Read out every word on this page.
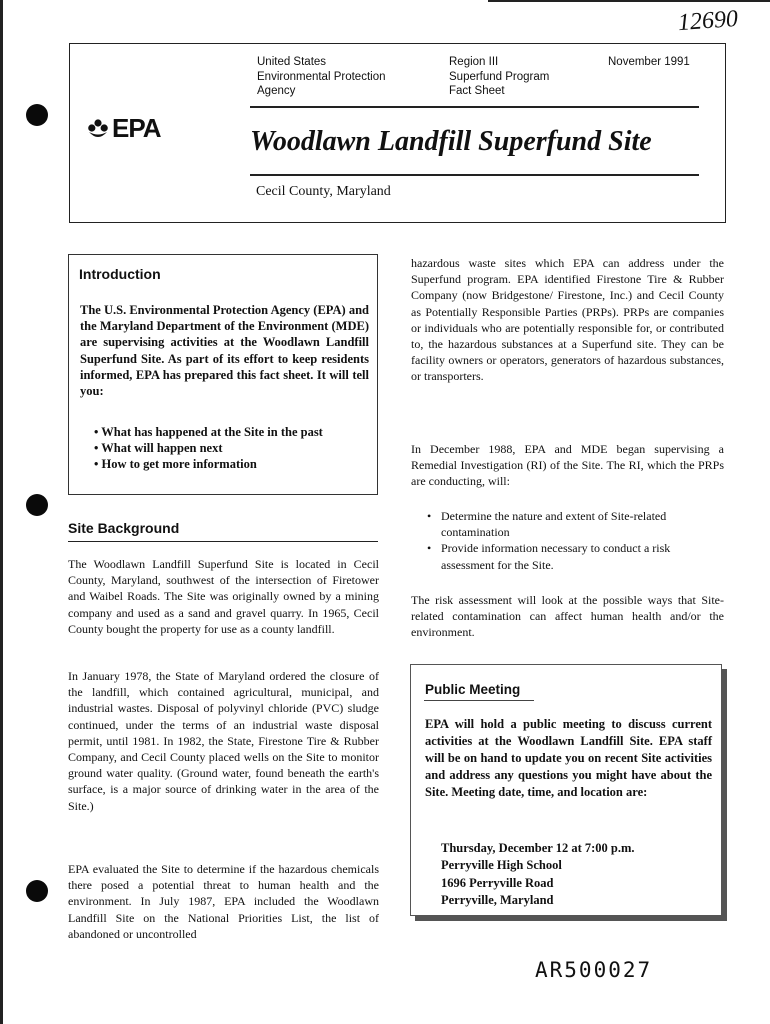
12690
United States
Environmental Protection
Agency
Region III
Superfund Program
Fact Sheet
November 1991
EPA	Woodlawn Landfill Superfund Site
Cecil County, Maryland
Introduction
The U.S. Environmental Protection Agency (EPA) and the Maryland Department of the Environment (MDE) are supervising activities at the Woodlawn Landfill Superfund Site. As part of its effort to keep residents informed, EPA has prepared this fact sheet. It will tell you:
• What has happened at the Site in the past
• What will happen next
• How to get more information
Site Background
The Woodlawn Landfill Superfund Site is located in Cecil County, Maryland, southwest of the intersection of Firetower and Waibel Roads. The Site was originally owned by a mining company and used as a sand and gravel quarry. In 1965, Cecil County bought the property for use as a county landfill.
In January 1978, the State of Maryland ordered the closure of the landfill, which contained agricultural, municipal, and industrial wastes. Disposal of polyvinyl chloride (PVC) sludge continued, under the terms of an industrial waste disposal permit, until 1981. In 1982, the State, Firestone Tire & Rubber Company, and Cecil County placed wells on the Site to monitor ground water quality. (Ground water, found beneath the earth's surface, is a major source of drinking water in the area of the Site.)
EPA evaluated the Site to determine if the hazardous chemicals there posed a potential threat to human health and the environment. In July 1987, EPA included the Woodlawn Landfill Site on the National Priorities List, the list of abandoned or uncontrolled
hazardous waste sites which EPA can address under the Superfund program. EPA identified Firestone Tire & Rubber Company (now Bridgestone/ Firestone, Inc.) and Cecil County as Potentially Responsible Parties (PRPs). PRPs are companies or individuals who are potentially responsible for, or contributed to, the hazardous substances at a Superfund site. They can be facility owners or operators, generators of hazardous substances, or transporters.
In December 1988, EPA and MDE began supervising a Remedial Investigation (RI) of the Site. The RI, which the PRPs are conducting, will:
• Determine the nature and extent of Site-related contamination
• Provide information necessary to conduct a risk assessment for the Site.
The risk assessment will look at the possible ways that Site-related contamination can affect human health and/or the environment.
Public Meeting
EPA will hold a public meeting to discuss current activities at the Woodlawn Landfill Site. EPA staff will be on hand to update you on recent Site activities and address any questions you might have about the Site. Meeting date, time, and location are:
Thursday, December 12 at 7:00 p.m.
Perryville High School
1696 Perryville Road
Perryville, Maryland
AR500027
